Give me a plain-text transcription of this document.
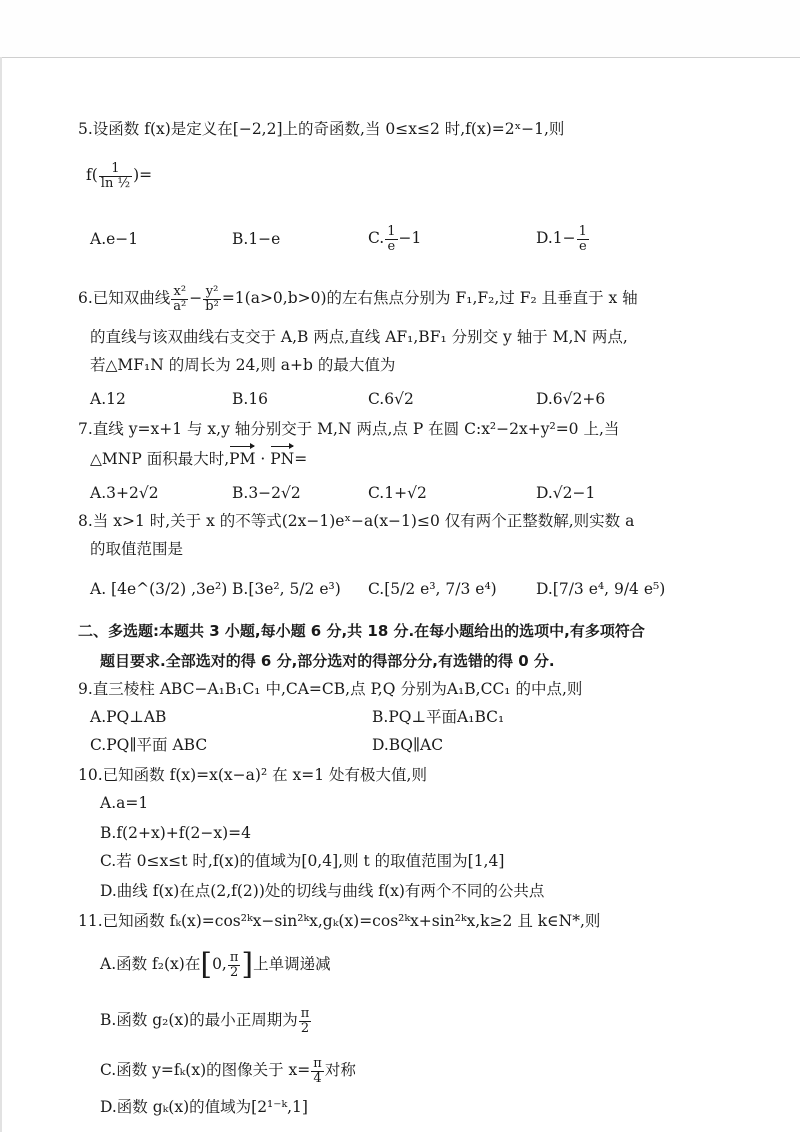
5.设函数 f(x)是定义在[−2,2]上的奇函数,当 0≤x≤2 时,f(x)=2ˣ−1,则
$f( \frac{1}{\text{ln ½}}$ )=
A.e−1	B.1−e	C. $\frac{1}{e} -1$	$D.1- \frac{1}{e}$
6.已知双曲线 $\frac{\text{x²}}{\text{a²}} - \frac{\text{y²}}{\text{b²}} =1(a>0,b>0)$的左右焦点分别为 F₁,F₂,过 F₂ 且垂直于 x 轴
的直线与该双曲线右支交于 A,B 两点,直线 AF₁,BF₁ 分别交 y 轴于 M,N 两点,
若△MF₁N 的周长为 24,则 a+b 的最大值为
A.12	B.16	C.6√2	D.6√2+6
7.直线 y=x+1 与 x,y 轴分别交于 M,N 两点,点 P 在圆 C:x²−2x+y²=0 上,当
△MNP 面积最大时,PM · PN=
A.3+2√2	B.3−2√2	C.1+√2	D.√2−1
8.当 x>1 时,关于 x 的不等式(2x−1)eˣ−a(x−1)≤0 仅有两个正整数解,则实数 a
的取值范围是
A. [4e^(3/2) ,3e²) B.[3e², 5/2 e³) C.[5/2 e³, 7/3 e⁴)	D.[7/3 e⁴, 9/4 e⁵)
二、多选题:本题共 3 小题,每小题 6 分,共 18 分.在每小题给出的选项中,有多项符合
题目要求.全部选对的得 6 分,部分选对的得部分分,有选错的得 0 分.
9.直三棱柱 ABC−A₁B₁C₁ 中,CA=CB,点 P,Q 分别为A₁B,CC₁ 的中点,则
A.PQ⊥AB	B.PQ⊥平面A₁BC₁
C.PQ∥平面 ABC	D.BQ∥AC
10.已知函数 f(x)=x(x−a)² 在 x=1 处有极大值,则
A.a=1
B.f(2+x)+f(2−x)=4
C.若 0≤x≤t 时,f(x)的值域为[0,4],则 t 的取值范围为[1,4]
D.曲线 f(x)在点(2,f(2))处的切线与曲线 f(x)有两个不同的公共点
11.已知函数 fₖ(x)=cos²ᵏx−sin²ᵏx,gₖ(x)=cos²ᵏx+sin²ᵏx,k≥2 且 k∈N*,则
A.函数 f₂(x)在[0, $\frac{\pi}{2}$ ]上单调递减
B.函数 g₂(x)的最小正周期为 $\frac{\pi}{2}$
C.函数 y=fₖ(x)的图像关于 $x= \frac{\pi}{4}$ 对称
D.函数 gₖ(x)的值域为[2¹⁻ᵏ,1]
